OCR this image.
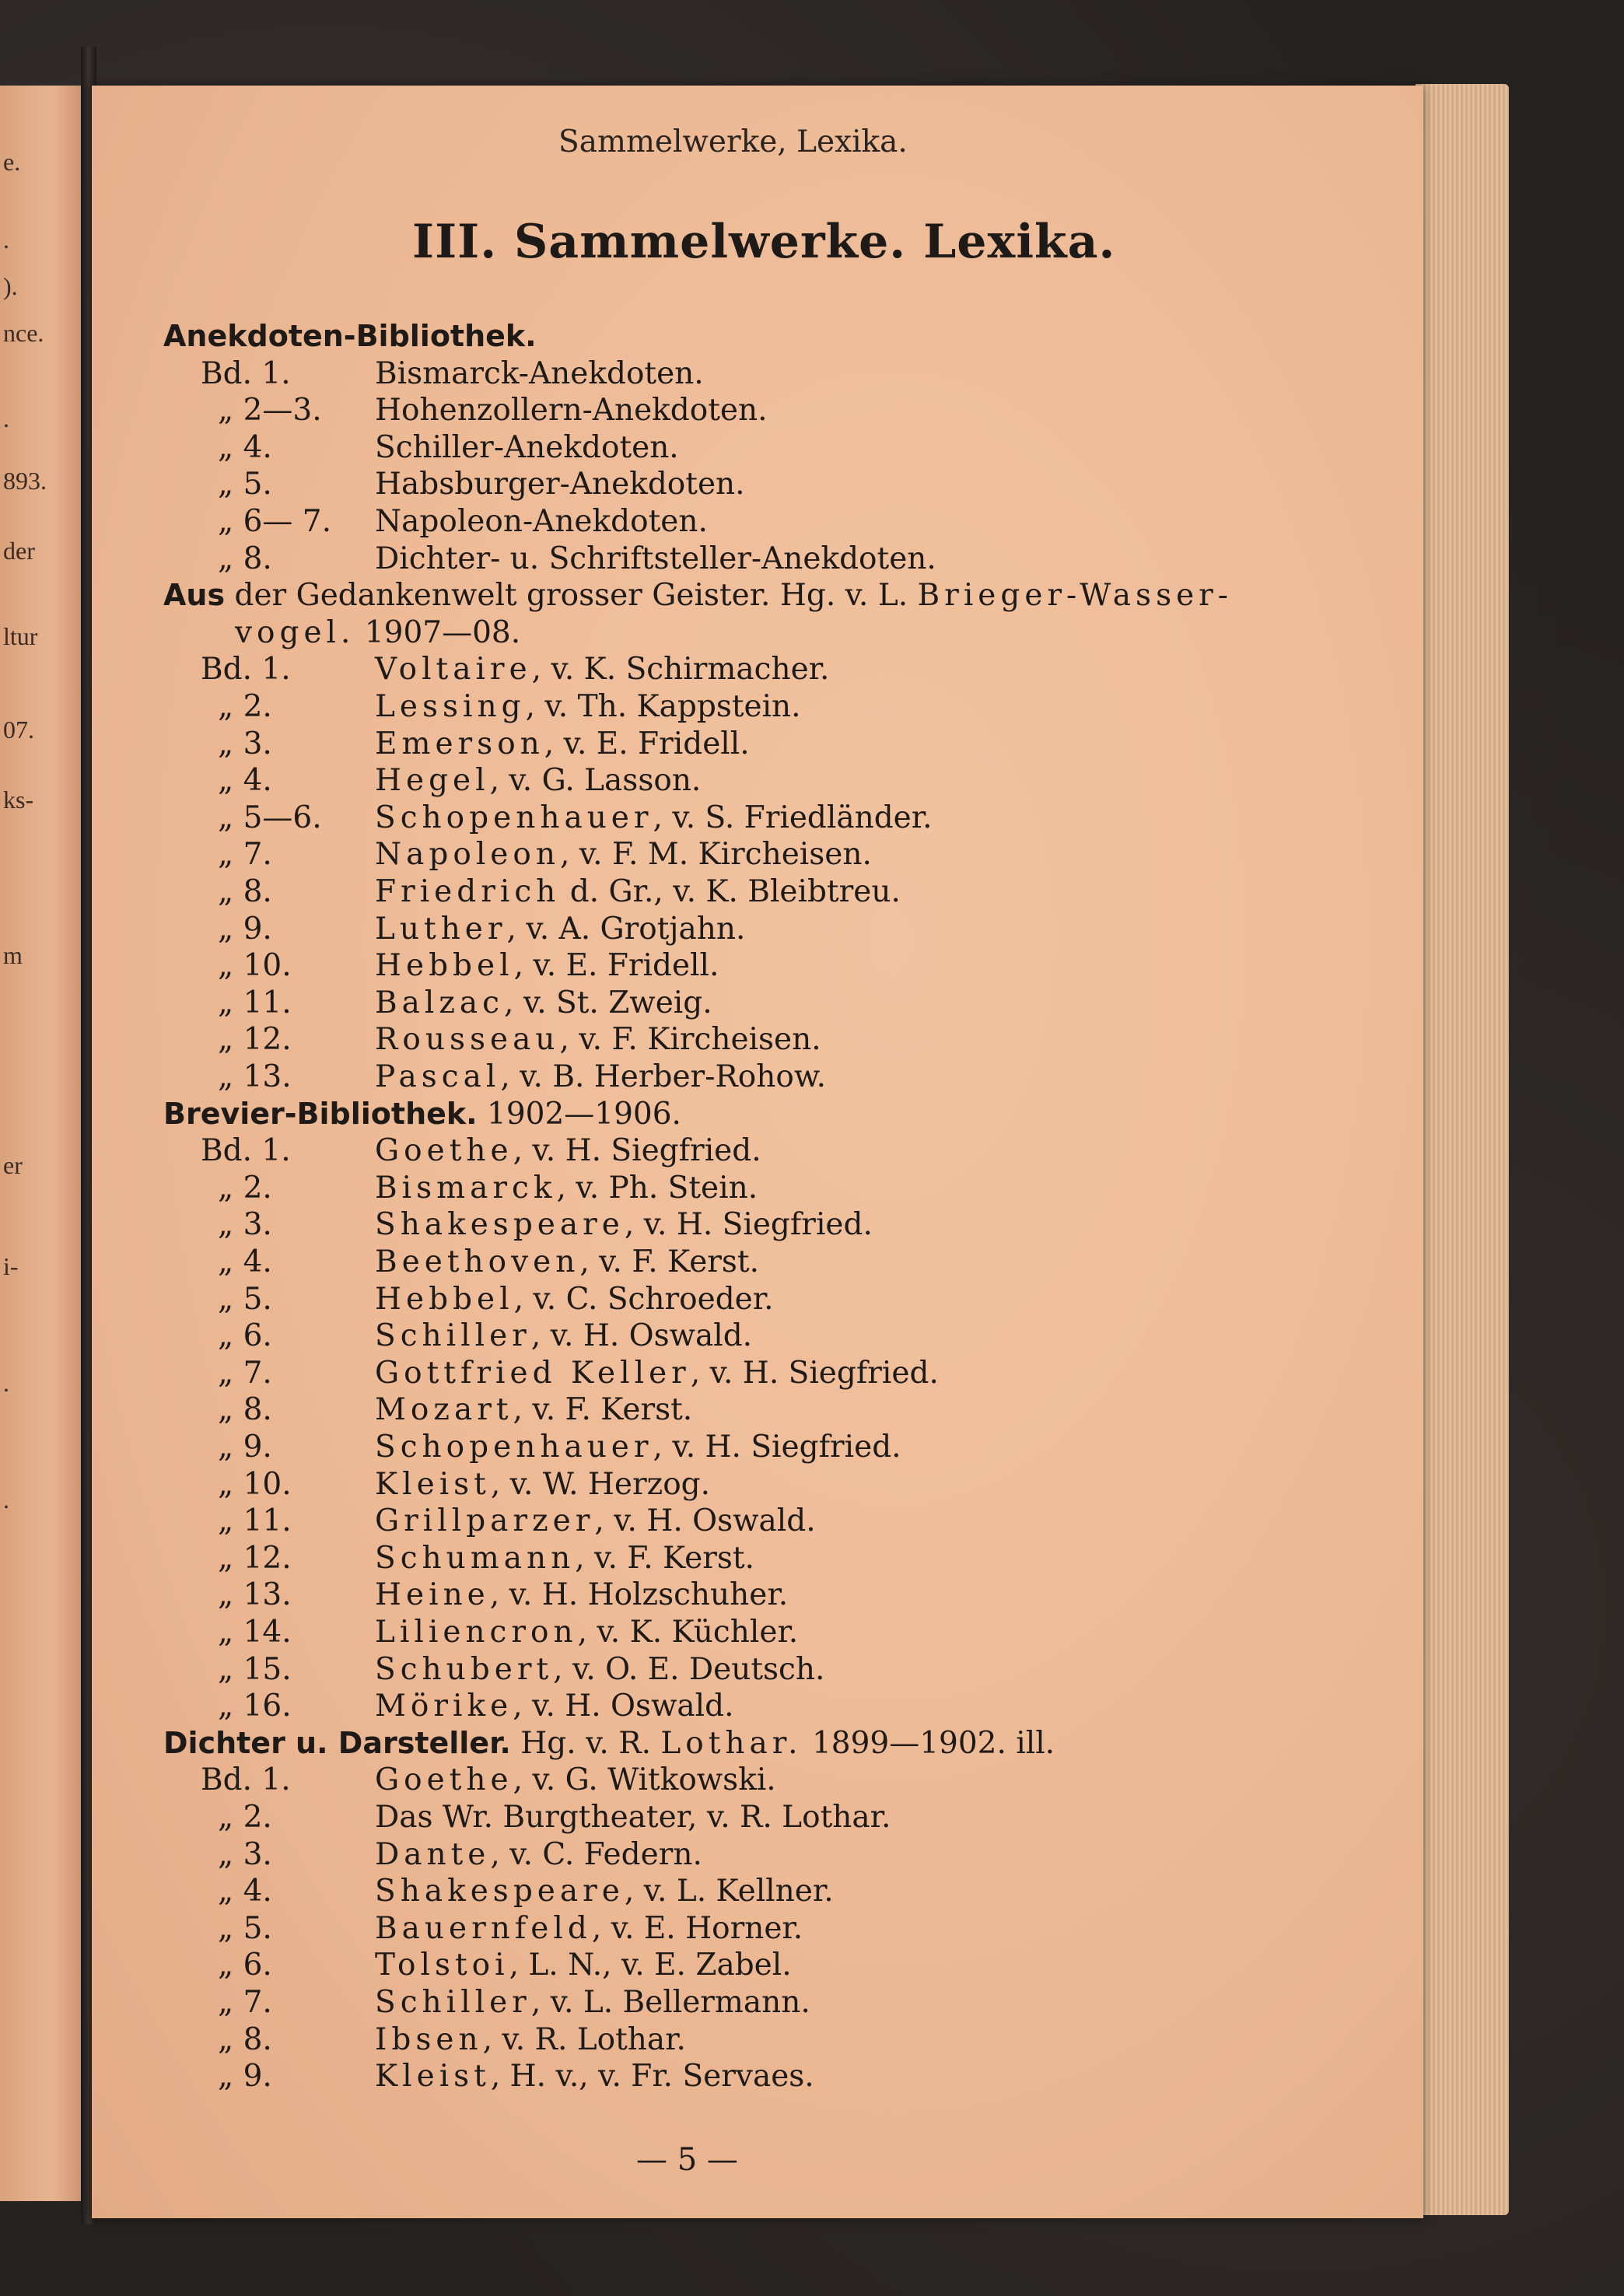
e.
.
).
nce.
.
893.
der
ltur
07.
ks-
m
er
i-
.
.
Sammelwerke, Lexika.
III. Sammelwerke. Lexika.
Anekdoten-Bibliothek.
Bd. 1.	Bismarck-Anekdoten.
„ 2—3. Hohenzollern-Anekdoten.
„ 4.	Schiller-Anekdoten.
„ 5.	Habsburger-Anekdoten.
„ 6— 7. Napoleon-Anekdoten.
„ 8.	Dichter- u. Schriftsteller-Anekdoten.
Aus der Gedankenwelt grosser Geister. Hg. v. L. Brieger-Wasser-
vogel. 1907—08.
Bd. 1.	Voltaire, v. K. Schirmacher.
„ 2.	Lessing, v. Th. Kappstein.
„ 3.	Emerson, v. E. Fridell.
„ 4.	Hegel, v. G. Lasson.
„ 5—6. Schopenhauer, v. S. Friedländer.
„ 7.	Napoleon, v. F. M. Kircheisen.
„ 8.	Friedrich d. Gr., v. K. Bleibtreu.
„ 9.	Luther, v. A. Grotjahn.
„ 10.	Hebbel, v. E. Fridell.
„ 11.	Balzac, v. St. Zweig.
„ 12.	Rousseau, v. F. Kircheisen.
„ 13.	Pascal, v. B. Herber-Rohow.
Brevier-Bibliothek. 1902—1906.
Bd. 1.	Goethe, v. H. Siegfried.
„ 2.	Bismarck, v. Ph. Stein.
„ 3.	Shakespeare, v. H. Siegfried.
„ 4.	Beethoven, v. F. Kerst.
„ 5.	Hebbel, v. C. Schroeder.
„ 6.	Schiller, v. H. Oswald.
„ 7.	Gottfried Keller, v. H. Siegfried.
„ 8.	Mozart, v. F. Kerst.
„ 9.	Schopenhauer, v. H. Siegfried.
„ 10.	Kleist, v. W. Herzog.
„ 11.	Grillparzer, v. H. Oswald.
„ 12.	Schumann, v. F. Kerst.
„ 13.	Heine, v. H. Holzschuher.
„ 14.	Liliencron, v. K. Küchler.
„ 15.	Schubert, v. O. E. Deutsch.
„ 16.	Mörike, v. H. Oswald.
Dichter u. Darsteller. Hg. v. R. Lothar. 1899—1902. ill.
Bd. 1.	Goethe, v. G. Witkowski.
„ 2.	Das Wr. Burgtheater, v. R. Lothar.
„ 3.	Dante, v. C. Federn.
„ 4.	Shakespeare, v. L. Kellner.
„ 5.	Bauernfeld, v. E. Horner.
„ 6.	Tolstoi, L. N., v. E. Zabel.
„ 7.	Schiller, v. L. Bellermann.
„ 8.	Ibsen, v. R. Lothar.
„ 9.	Kleist, H. v., v. Fr. Servaes.
— 5 —
